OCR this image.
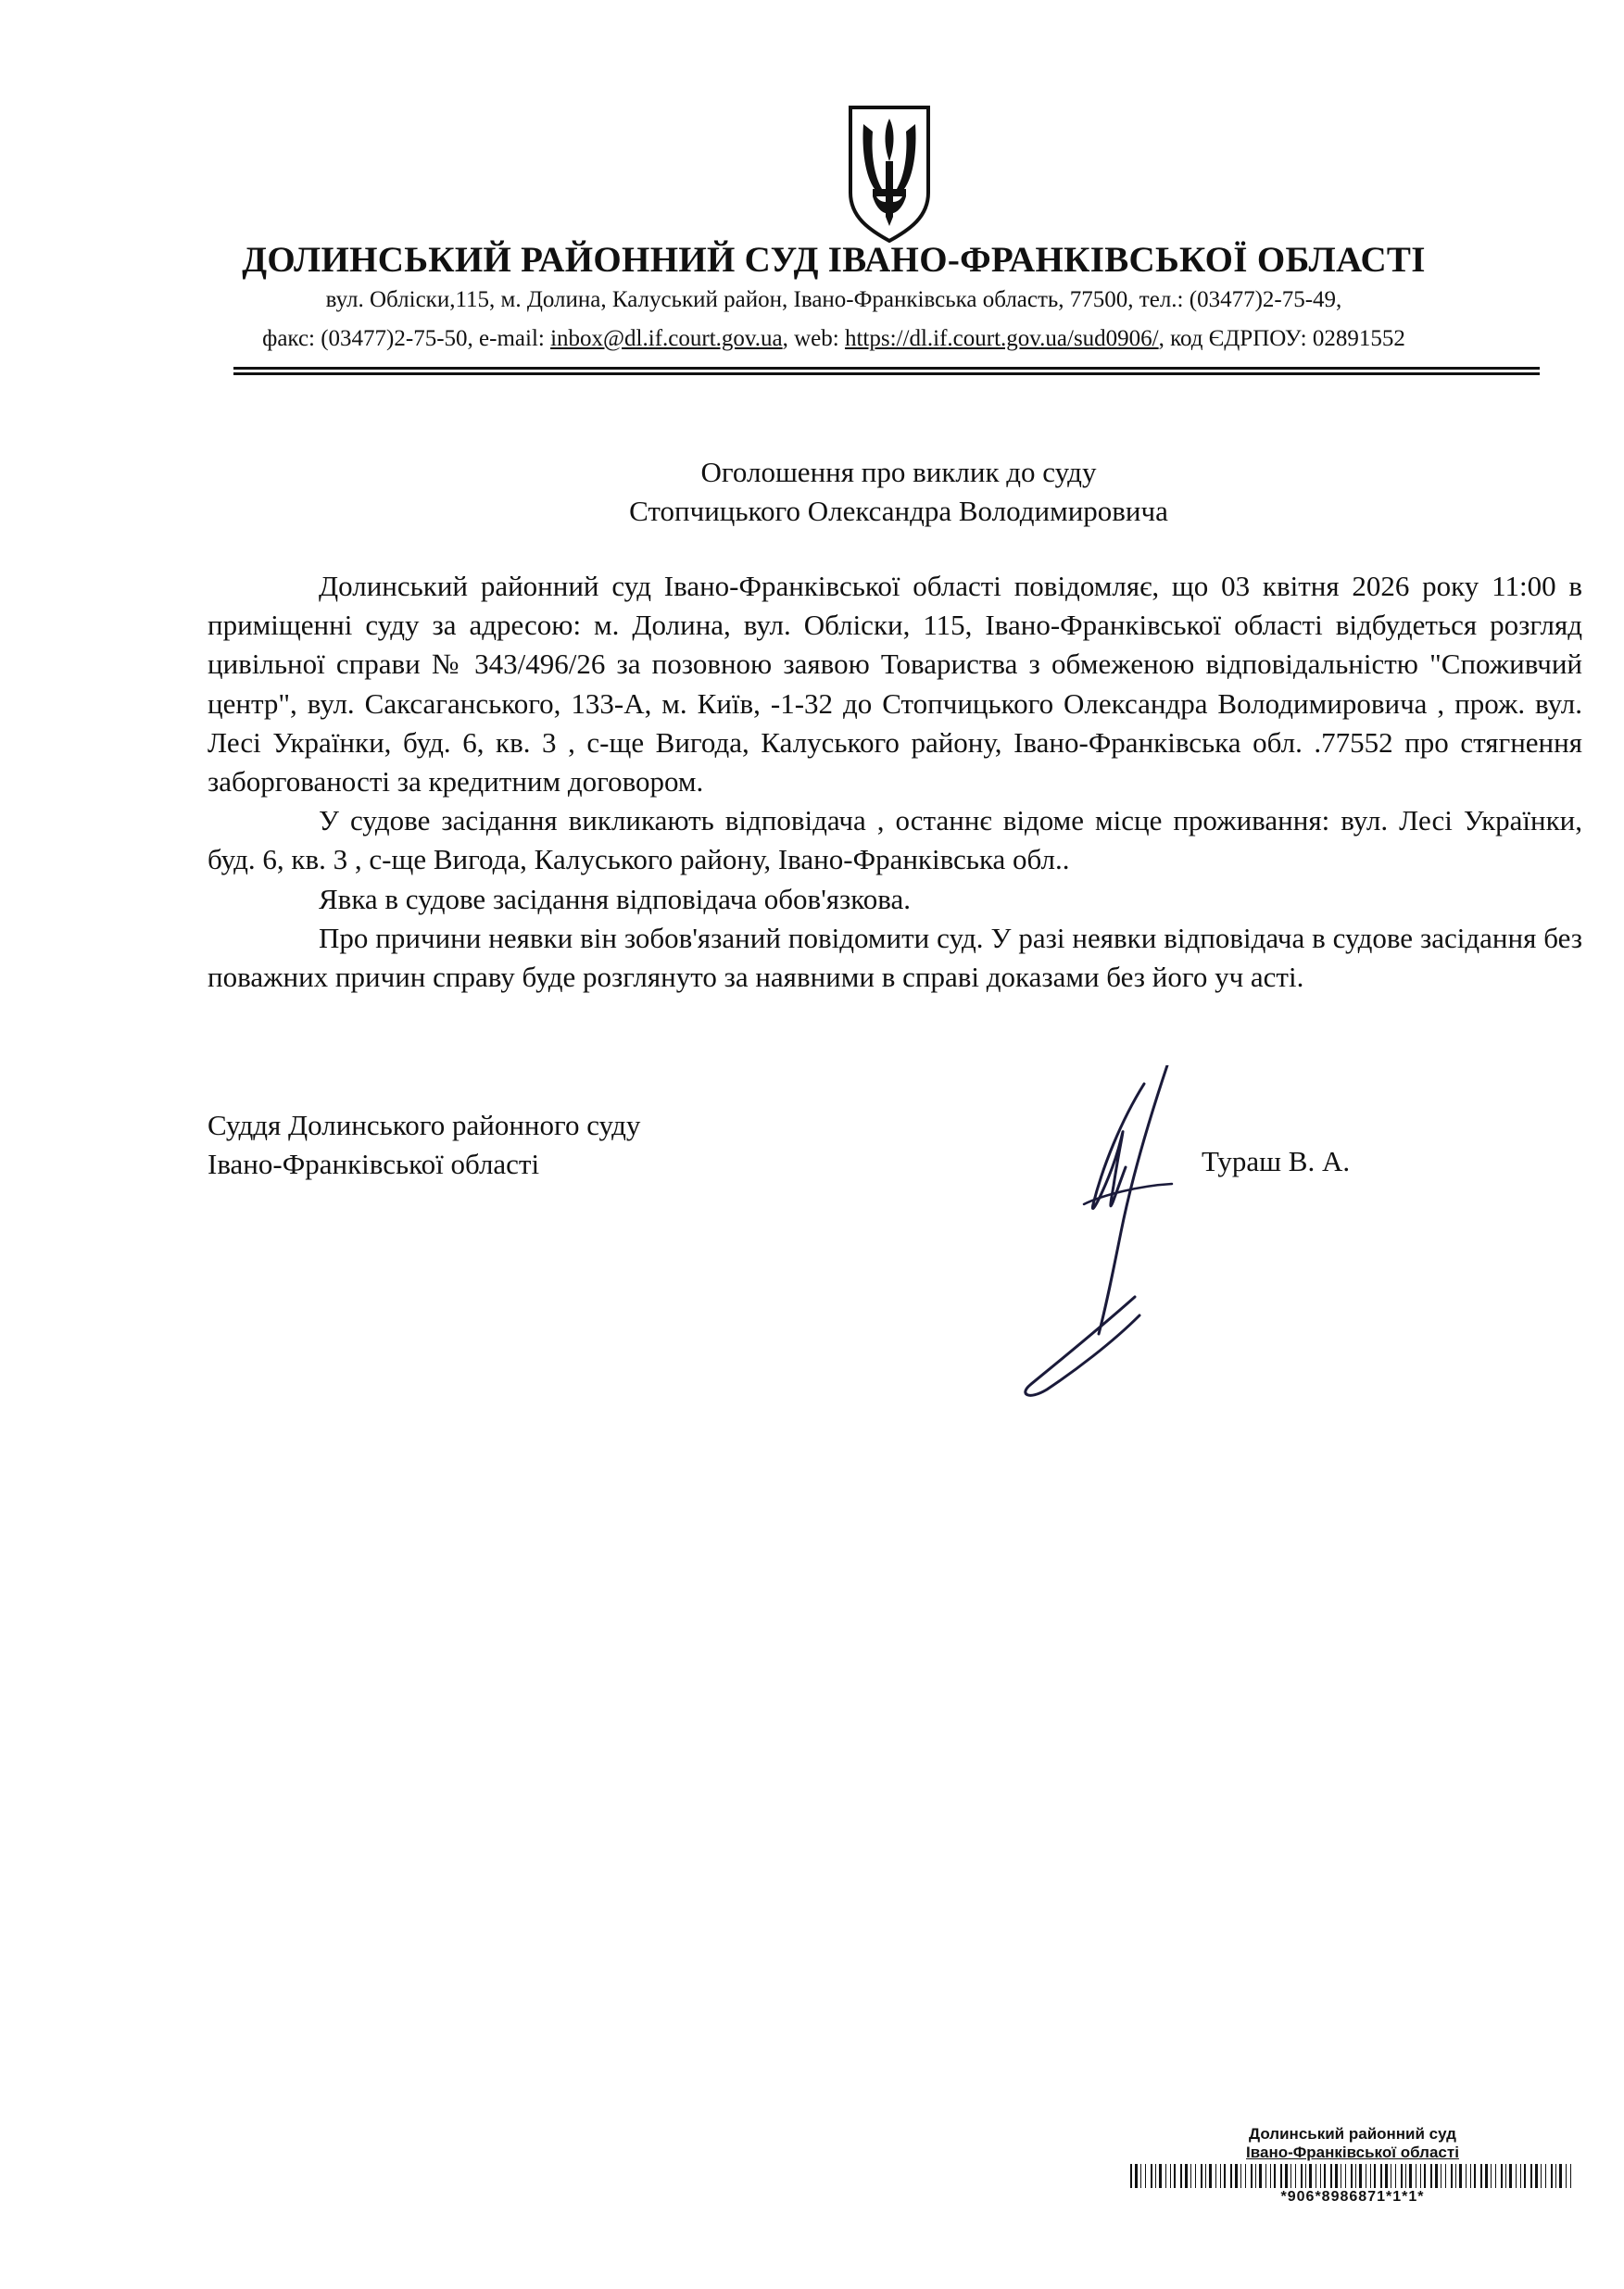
ДОЛИНСЬКИЙ РАЙОННИЙ СУД ІВАНО-ФРАНКІВСЬКОЇ ОБЛАСТІ
вул. Обліски,115, м. Долина, Калуський район, Івано-Франківська область, 77500, тел.: (03477)2-75-49,
факс: (03477)2-75-50, e-mail: inbox@dl.if.court.gov.ua, web: https://dl.if.court.gov.ua/sud0906/, код ЄДРПОУ: 02891552
Оголошення про виклик до суду
Стопчицького Олександра Володимировича

Долинський районний суд Івано-Франківської області повідомляє, що 03 квітня 2026 року 11:00 в приміщенні суду за адресою: м. Долина, вул. Обліски, 115, Івано-Франківської області відбудеться розгляд цивільної справи № 343/496/26 за позовною заявою Товариства з обмеженою відповідальністю "Споживчий центр", вул. Саксаганського, 133-А, м. Київ, -1-32 до Стопчицького Олександра Володимировича , прож. вул. Лесі Українки, буд. 6, кв. 3 , с-ще Вигода, Калуського району, Івано-Франківська обл. .77552 про стягнення заборгованості за кредитним договором.

У судове засідання викликають відповідача , останнє відоме місце проживання: вул. Лесі Українки, буд. 6, кв. 3 , с-ще Вигода, Калуського району, Івано-Франківська обл..

Явка в судове засідання відповідача обов'язкова.

Про причини неявки він зобов'язаний повідомити суд. У разі неявки відповідача в судове засідання без поважних причин справу буде розглянуто за наявними в справі доказами без його уч асті.

Суддя Долинського районного суду
Івано-Франківської області	Тураш В. А.
Долинський районний суд
Івано-Франківської області
*906*8986871*1*1*
